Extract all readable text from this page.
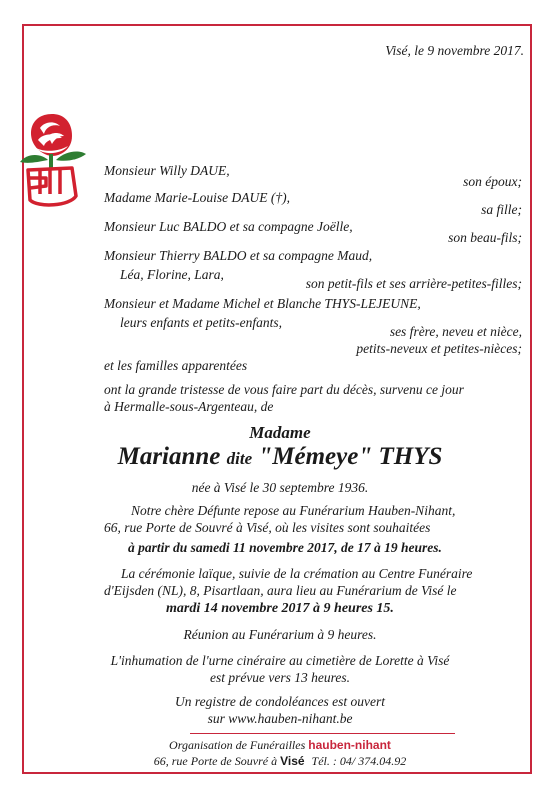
Visé, le 9 novembre 2017.
Monsieur Willy DAUE,
son époux;
Madame Marie-Louise DAUE (†),
sa fille;
Monsieur Luc BALDO et sa compagne Joëlle,
son beau-fils;
Monsieur Thierry BALDO et sa compagne Maud,
Léa, Florine, Lara,
son petit-fils et ses arrière-petites-filles;
Monsieur et Madame Michel et Blanche THYS-LEJEUNE,
leurs enfants et petits-enfants,
ses frère, neveu et nièce,
petits-neveux et petites-nièces;
et les familles apparentées
ont la grande tristesse de vous faire part du décès, survenu ce jour
à Hermalle-sous-Argenteau, de
Madame
Marianne dite "Mémeye" THYS
née à Visé le 30 septembre 1936.
Notre chère Défunte repose au Funérarium Hauben-Nihant,
66, rue Porte de Souvré à Visé, où les visites sont souhaitées
à partir du samedi 11 novembre 2017, de 17 à 19 heures.
La cérémonie laïque, suivie de la crémation au Centre Funéraire
d'Eijsden (NL), 8, Pisartlaan, aura lieu au Funérarium de Visé le
mardi 14 novembre 2017 à 9 heures 15.
Réunion au Funérarium à 9 heures.
L'inhumation de l'urne cinéraire au cimetière de Lorette à Visé
est prévue vers 13 heures.
Un registre de condoléances est ouvert
sur www.hauben-nihant.be
Organisation de Funérailles hauben-nihant
66, rue Porte de Souvré à Visé Tél. : 04/ 374.04.92
